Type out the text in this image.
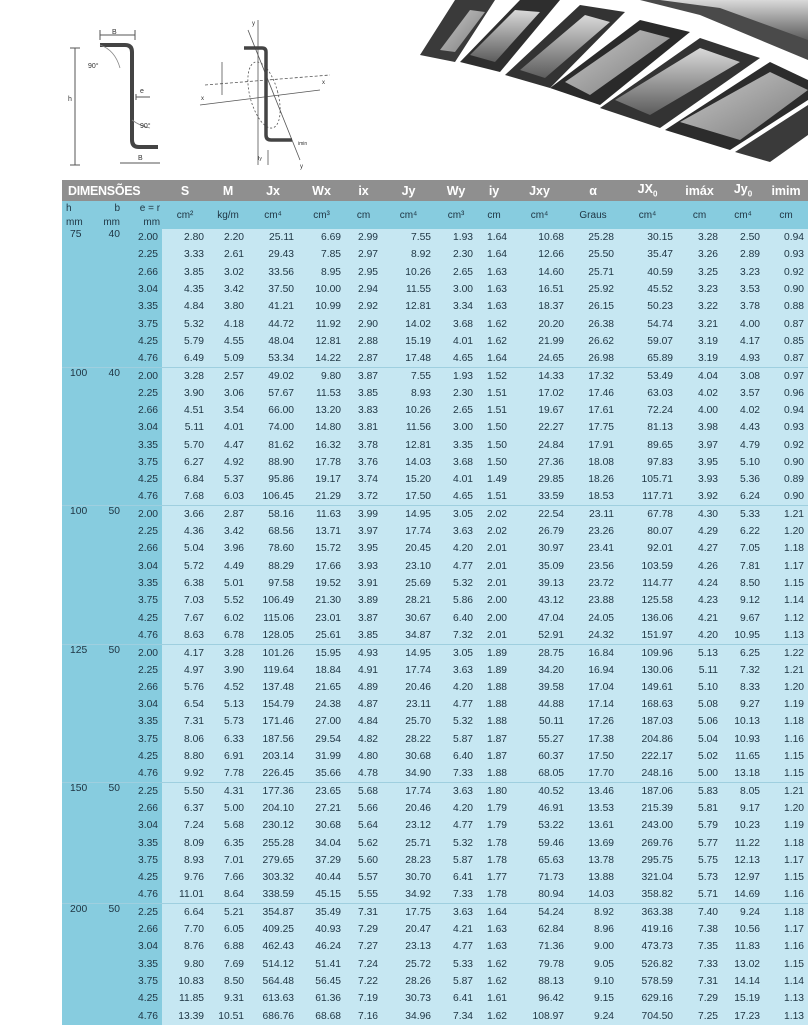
B
90°
h
e
90°
B
y
x
x
y
Iy
imin
DIMENSÕES			S	M	Jx	Wx	ix	Jy	Wy	iy	Jxy	α	$JX_0$	imáx	$Jy_0$	imim
h	b	e = r	cm²	kg/m	cm⁴	cm³	cm	cm⁴	cm³	cm	cm⁴	Graus	cm⁴	cm	cm⁴	cm
mm	mm	mm														
75	40	2.00	2.80	2.20	25.11	6.69	2.99	7.55	1.93	1.64	10.68	25.28	30.15	3.28	2.50	0.94
		2.25	3.33	2.61	29.43	7.85	2.97	8.92	2.30	1.64	12.66	25.50	35.47	3.26	2.89	0.93
		2.66	3.85	3.02	33.56	8.95	2.95	10.26	2.65	1.63	14.60	25.71	40.59	3.25	3.23	0.92
		3.04	4.35	3.42	37.50	10.00	2.94	11.55	3.00	1.63	16.51	25.92	45.52	3.23	3.53	0.90
		3.35	4.84	3.80	41.21	10.99	2.92	12.81	3.34	1.63	18.37	26.15	50.23	3.22	3.78	0.88
		3.75	5.32	4.18	44.72	11.92	2.90	14.02	3.68	1.62	20.20	26.38	54.74	3.21	4.00	0.87
		4.25	5.79	4.55	48.04	12.81	2.88	15.19	4.01	1.62	21.99	26.62	59.07	3.19	4.17	0.85
		4.76	6.49	5.09	53.34	14.22	2.87	17.48	4.65	1.64	24.65	26.98	65.89	3.19	4.93	0.87
100	40	2.00	3.28	2.57	49.02	9.80	3.87	7.55	1.93	1.52	14.33	17.32	53.49	4.04	3.08	0.97
		2.25	3.90	3.06	57.67	11.53	3.85	8.93	2.30	1.51	17.02	17.46	63.03	4.02	3.57	0.96
		2.66	4.51	3.54	66.00	13.20	3.83	10.26	2.65	1.51	19.67	17.61	72.24	4.00	4.02	0.94
		3.04	5.11	4.01	74.00	14.80	3.81	11.56	3.00	1.50	22.27	17.75	81.13	3.98	4.43	0.93
		3.35	5.70	4.47	81.62	16.32	3.78	12.81	3.35	1.50	24.84	17.91	89.65	3.97	4.79	0.92
		3.75	6.27	4.92	88.90	17.78	3.76	14.03	3.68	1.50	27.36	18.08	97.83	3.95	5.10	0.90
		4.25	6.84	5.37	95.86	19.17	3.74	15.20	4.01	1.49	29.85	18.26	105.71	3.93	5.36	0.89
		4.76	7.68	6.03	106.45	21.29	3.72	17.50	4.65	1.51	33.59	18.53	117.71	3.92	6.24	0.90
100	50	2.00	3.66	2.87	58.16	11.63	3.99	14.95	3.05	2.02	22.54	23.11	67.78	4.30	5.33	1.21
		2.25	4.36	3.42	68.56	13.71	3.97	17.74	3.63	2.02	26.79	23.26	80.07	4.29	6.22	1.20
		2.66	5.04	3.96	78.60	15.72	3.95	20.45	4.20	2.01	30.97	23.41	92.01	4.27	7.05	1.18
		3.04	5.72	4.49	88.29	17.66	3.93	23.10	4.77	2.01	35.09	23.56	103.59	4.26	7.81	1.17
		3.35	6.38	5.01	97.58	19.52	3.91	25.69	5.32	2.01	39.13	23.72	114.77	4.24	8.50	1.15
		3.75	7.03	5.52	106.49	21.30	3.89	28.21	5.86	2.00	43.12	23.88	125.58	4.23	9.12	1.14
		4.25	7.67	6.02	115.06	23.01	3.87	30.67	6.40	2.00	47.04	24.05	136.06	4.21	9.67	1.12
		4.76	8.63	6.78	128.05	25.61	3.85	34.87	7.32	2.01	52.91	24.32	151.97	4.20	10.95	1.13
125	50	2.00	4.17	3.28	101.26	15.95	4.93	14.95	3.05	1.89	28.75	16.84	109.96	5.13	6.25	1.22
		2.25	4.97	3.90	119.64	18.84	4.91	17.74	3.63	1.89	34.20	16.94	130.06	5.11	7.32	1.21
		2.66	5.76	4.52	137.48	21.65	4.89	20.46	4.20	1.88	39.58	17.04	149.61	5.10	8.33	1.20
		3.04	6.54	5.13	154.79	24.38	4.87	23.11	4.77	1.88	44.88	17.14	168.63	5.08	9.27	1.19
		3.35	7.31	5.73	171.46	27.00	4.84	25.70	5.32	1.88	50.11	17.26	187.03	5.06	10.13	1.18
		3.75	8.06	6.33	187.56	29.54	4.82	28.22	5.87	1.87	55.27	17.38	204.86	5.04	10.93	1.16
		4.25	8.80	6.91	203.14	31.99	4.80	30.68	6.40	1.87	60.37	17.50	222.17	5.02	11.65	1.15
		4.76	9.92	7.78	226.45	35.66	4.78	34.90	7.33	1.88	68.05	17.70	248.16	5.00	13.18	1.15
150	50	2.25	5.50	4.31	177.36	23.65	5.68	17.74	3.63	1.80	40.52	13.46	187.06	5.83	8.05	1.21
		2.66	6.37	5.00	204.10	27.21	5.66	20.46	4.20	1.79	46.91	13.53	215.39	5.81	9.17	1.20
		3.04	7.24	5.68	230.12	30.68	5.64	23.12	4.77	1.79	53.22	13.61	243.00	5.79	10.23	1.19
		3.35	8.09	6.35	255.28	34.04	5.62	25.71	5.32	1.78	59.46	13.69	269.76	5.77	11.22	1.18
		3.75	8.93	7.01	279.65	37.29	5.60	28.23	5.87	1.78	65.63	13.78	295.75	5.75	12.13	1.17
		4.25	9.76	7.66	303.32	40.44	5.57	30.70	6.41	1.77	71.73	13.88	321.04	5.73	12.97	1.15
		4.76	11.01	8.64	338.59	45.15	5.55	34.92	7.33	1.78	80.94	14.03	358.82	5.71	14.69	1.16
200	50	2.25	6.64	5.21	354.87	35.49	7.31	17.75	3.63	1.64	54.24	8.92	363.38	7.40	9.24	1.18
		2.66	7.70	6.05	409.25	40.93	7.29	20.47	4.21	1.63	62.84	8.96	419.16	7.38	10.56	1.17
		3.04	8.76	6.88	462.43	46.24	7.27	23.13	4.77	1.63	71.36	9.00	473.73	7.35	11.83	1.16
		3.35	9.80	7.69	514.12	51.41	7.24	25.72	5.33	1.62	79.78	9.05	526.82	7.33	13.02	1.15
		3.75	10.83	8.50	564.48	56.45	7.22	28.26	5.87	1.62	88.13	9.10	578.59	7.31	14.14	1.14
		4.25	11.85	9.31	613.63	61.36	7.19	30.73	6.41	1.61	96.42	9.15	629.16	7.29	15.19	1.13
		4.76	13.39	10.51	686.76	68.68	7.16	34.96	7.34	1.62	108.97	9.24	704.50	7.25	17.23	1.13
